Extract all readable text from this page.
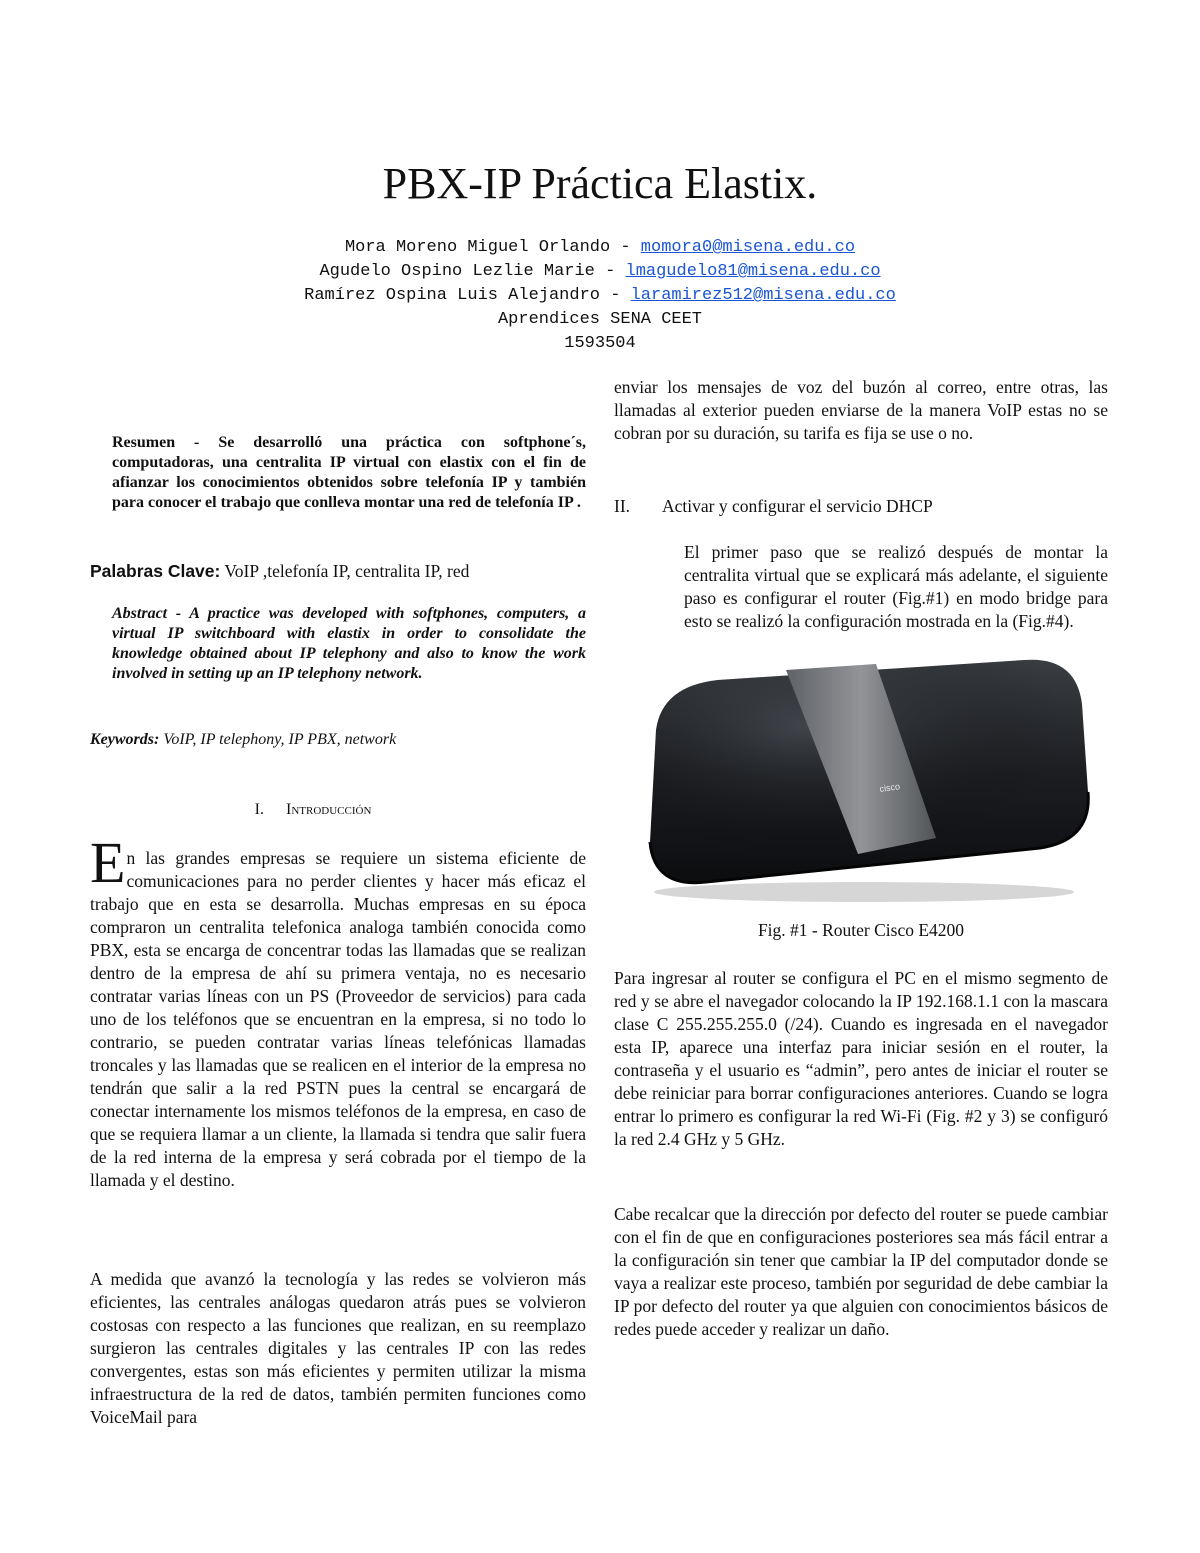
PBX-IP Práctica Elastix.
Mora Moreno Miguel Orlando - momora0@misena.edu.co
Agudelo Ospino Lezlie Marie - lmagudelo81@misena.edu.co
Ramírez Ospina Luis Alejandro - laramirez512@misena.edu.co
Aprendices SENA CEET
1593504

Resumen - Se desarrolló una práctica con softphone´s, computadoras, una centralita IP virtual con elastix con el fin de afianzar los conocimientos obtenidos sobre telefonía IP y también para conocer el trabajo que conlleva montar una red de telefonía IP .

Palabras Clave: VoIP ,telefonía IP, centralita IP, red

Abstract - A practice was developed with softphones, computers, a virtual IP switchboard with elastix in order to consolidate the knowledge obtained about IP telephony and also to know the work involved in setting up an IP telephony network.

Keywords: VoIP, IP telephony, IP PBX, network

I. Introducción

En las grandes empresas se requiere un sistema eficiente de comunicaciones para no perder clientes y hacer más eficaz el trabajo que en esta se desarrolla. Muchas empresas en su época compraron un centralita telefonica analoga también conocida como PBX, esta se encarga de concentrar todas las llamadas que se realizan dentro de la empresa de ahí su primera ventaja, no es necesario contratar varias líneas con un PS (Proveedor de servicios) para cada uno de los teléfonos que se encuentran en la empresa, si no todo lo contrario, se pueden contratar varias líneas telefónicas llamadas troncales y las llamadas que se realicen en el interior de la empresa no tendrán que salir a la red PSTN pues la central se encargará de conectar internamente los mismos teléfonos de la empresa, en caso de que se requiera llamar a un cliente, la llamada si tendra que salir fuera de la red interna de la empresa y será cobrada por el tiempo de la llamada y el destino.

A medida que avanzó la tecnología y las redes se volvieron más eficientes, las centrales análogas quedaron atrás pues se volvieron costosas con respecto a las funciones que realizan, en su reemplazo surgieron las centrales digitales y las centrales IP con las redes convergentes, estas son más eficientes y permiten utilizar la misma infraestructura de la red de datos, también permiten funciones como VoiceMail para

enviar los mensajes de voz del buzón al correo, entre otras, las llamadas al exterior pueden enviarse de la manera VoIP estas no se cobran por su duración, su tarifa es fija se use o no.

II. Activar y configurar el servicio DHCP

El primer paso que se realizó después de montar la centralita virtual que se explicará más adelante, el siguiente paso es configurar el router (Fig.#1) en modo bridge para esto se realizó la configuración mostrada en la (Fig.#4).

cisco
Fig. #1 - Router Cisco E4200

Para ingresar al router se configura el PC en el mismo segmento de red y se abre el navegador colocando la IP 192.168.1.1 con la mascara clase C 255.255.255.0 (/24). Cuando es ingresada en el navegador esta IP, aparece una interfaz para iniciar sesión en el router, la contraseña y el usuario es “admin”, pero antes de iniciar el router se debe reiniciar para borrar configuraciones anteriores. Cuando se logra entrar lo primero es configurar la red Wi-Fi (Fig. #2 y 3) se configuró la red 2.4 GHz y 5 GHz.

Cabe recalcar que la dirección por defecto del router se puede cambiar con el fin de que en configuraciones posteriores sea más fácil entrar a la configuración sin tener que cambiar la IP del computador donde se vaya a realizar este proceso, también por seguridad de debe cambiar la IP por defecto del router ya que alguien con conocimientos básicos de redes puede acceder y realizar un daño.
